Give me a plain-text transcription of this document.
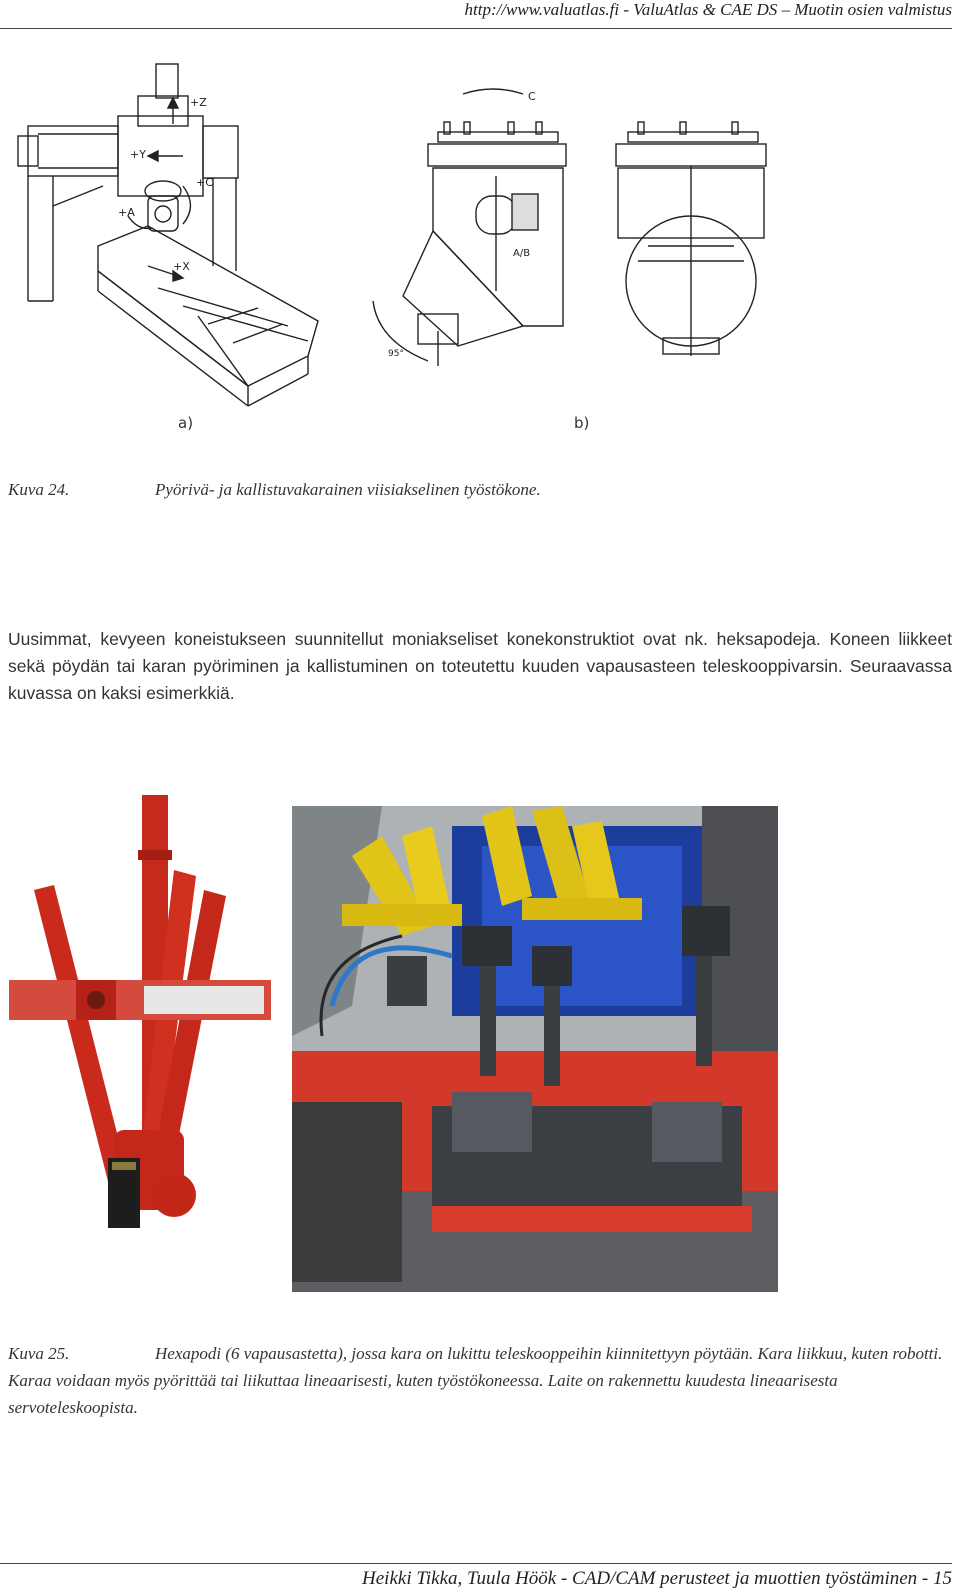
http://www.valuatlas.fi - ValuAtlas & CAE DS – Muotin osien valmistus
+Z
+Y
+C
+A
+X
C
95°
A/B
a)	b)
Kuva 24.	Pyörivä- ja kallistuvakarainen viisiakselinen työstökone.
Uusimmat, kevyeen koneistukseen suunnitellut moniakseliset konekonstruktiot ovat nk. heksapodeja. Koneen liikkeet sekä pöydän tai karan pyöriminen ja kallistuminen on toteutettu kuuden vapausasteen teleskooppivarsin. Seuraavassa kuvassa on kaksi esimerkkiä.
Kuva 25.	Hexapodi (6 vapausastetta), jossa kara on lukittu teleskooppeihin kiinnitettyyn pöytään. Kara liikkuu, kuten robotti. Karaa voidaan myös pyörittää tai liikuttaa lineaarisesti, kuten työstökoneessa. Laite on rakennettu kuudesta lineaarisesta servoteleskoopista.
Heikki Tikka, Tuula Höök - CAD/CAM perusteet ja muottien työstäminen - 15
